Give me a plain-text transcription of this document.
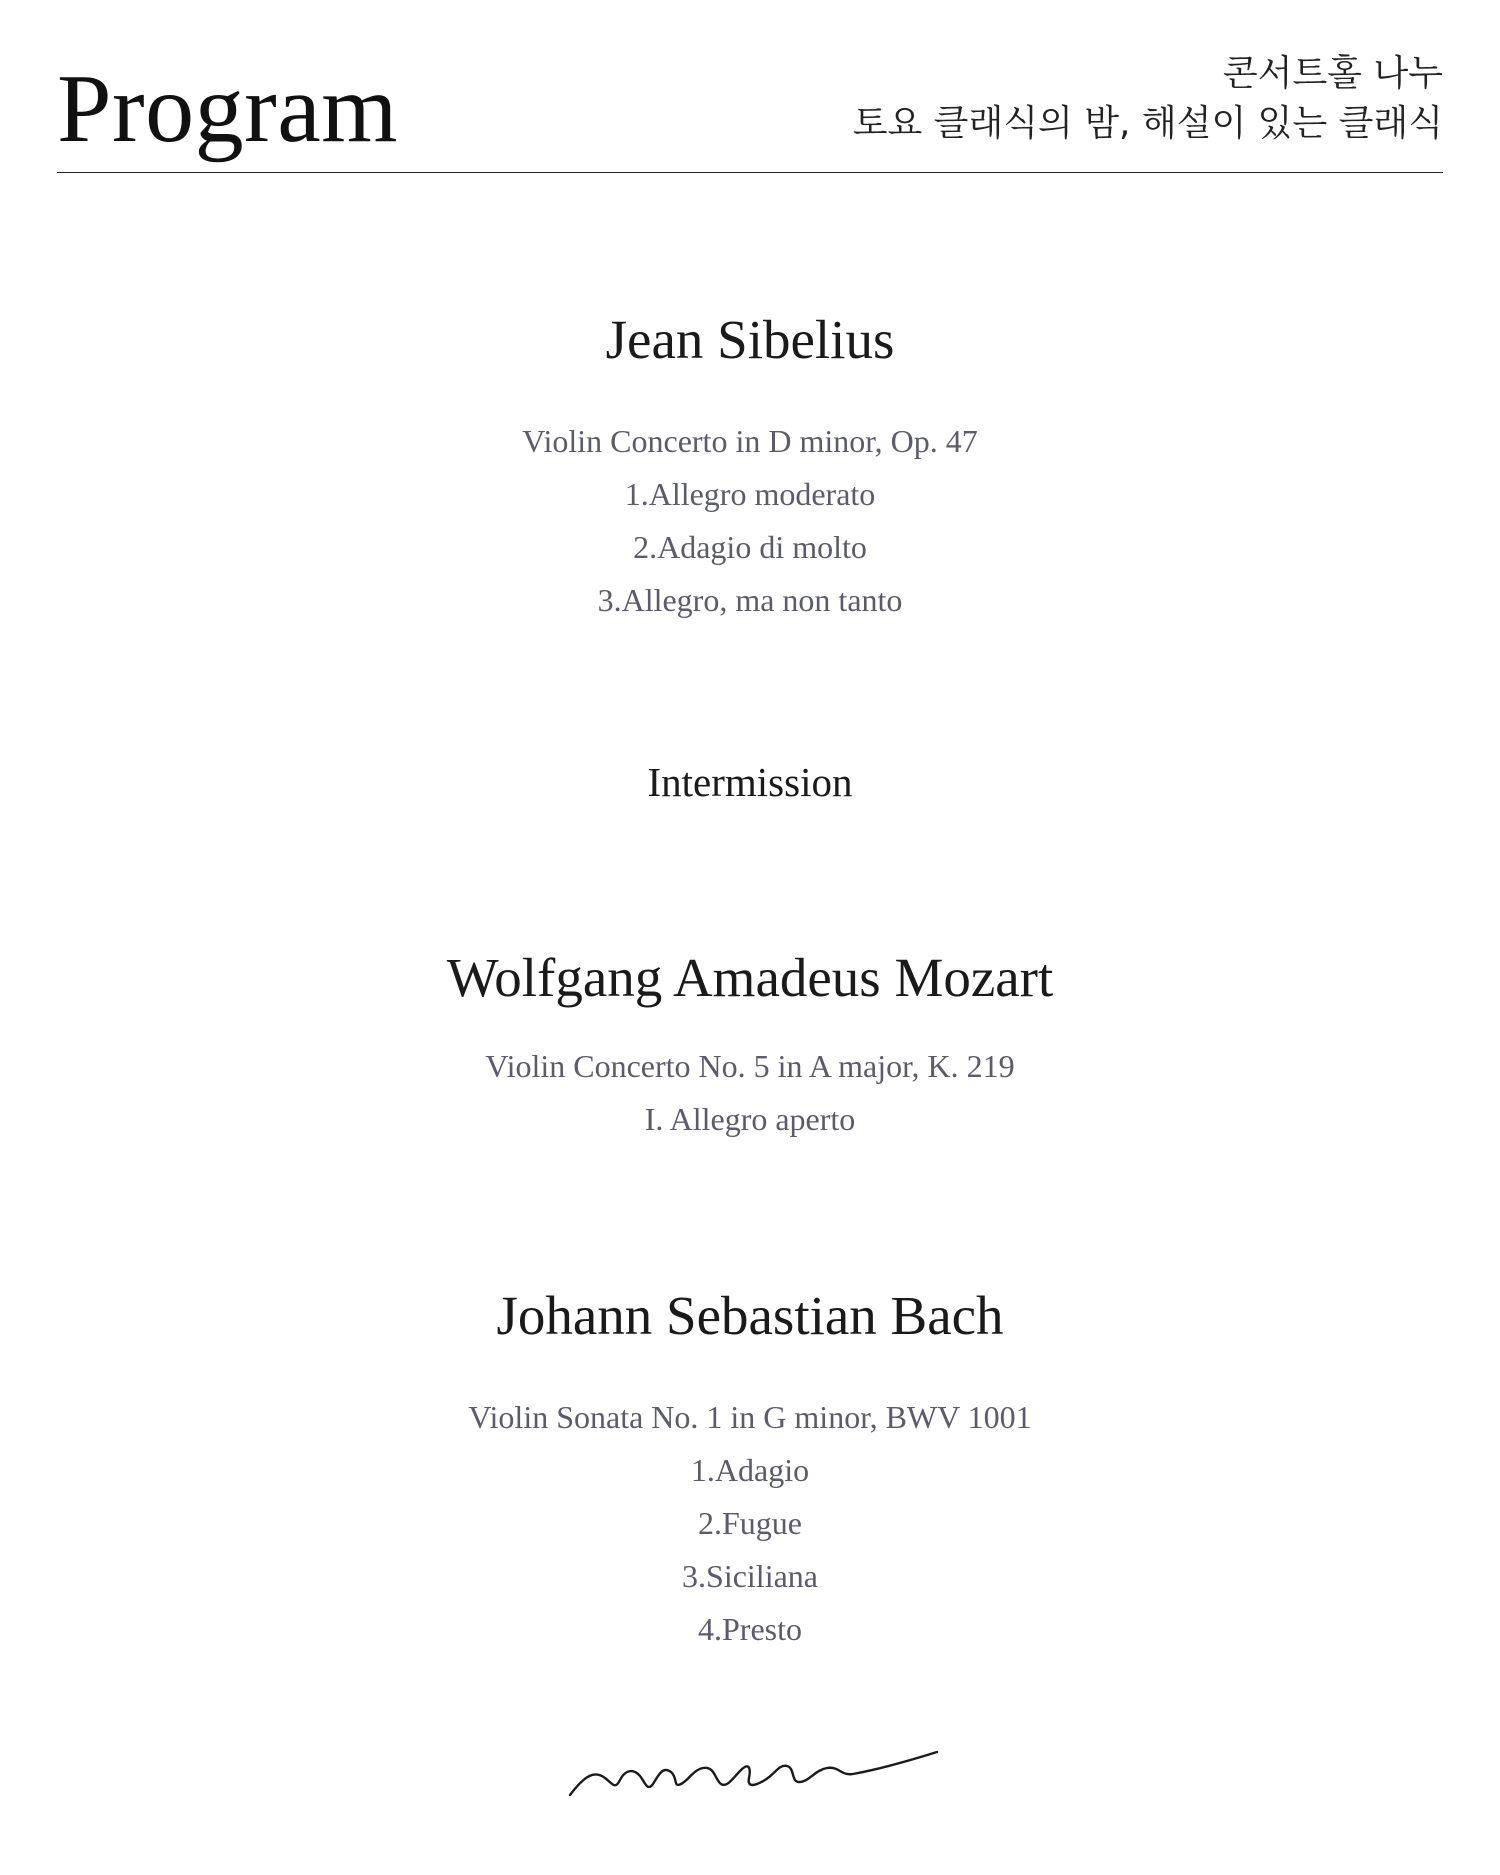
Program	콘서트홀 나누
토요 클래식의 밤, 해설이 있는 클래식
Jean Sibelius
Violin Concerto in D minor, Op. 47
1.Allegro moderato
2.Adagio di molto
3.Allegro, ma non tanto
Intermission
Wolfgang Amadeus Mozart
Violin Concerto No. 5 in A major, K. 219
I. Allegro aperto
Johann Sebastian Bach
Violin Sonata No. 1 in G minor, BWV 1001
1.Adagio
2.Fugue
3.Siciliana
4.Presto
